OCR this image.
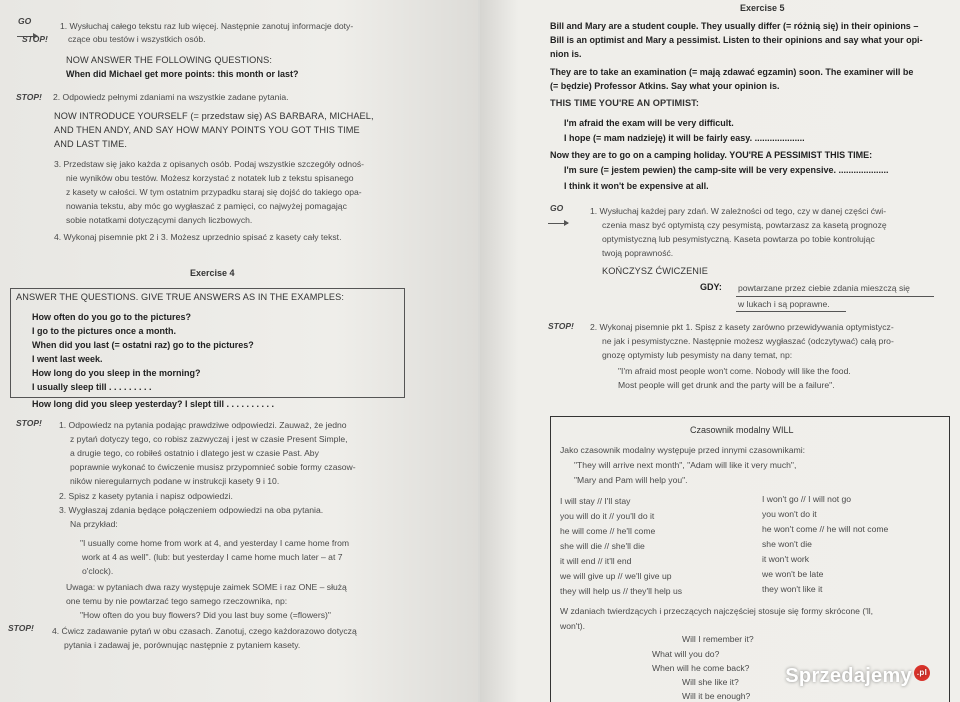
GO
STOP!
1. Wysłuchaj całego tekstu raz lub więcej. Następnie zanotuj informacje doty-
czące obu testów i wszystkich osób.
NOW ANSWER THE FOLLOWING QUESTIONS:
When did Michael get more points: this month or last?
STOP! 2. Odpowiedz pełnymi zdaniami na wszystkie zadane pytania.
NOW INTRODUCE YOURSELF (= przedstaw się) AS BARBARA, MICHAEL,
AND THEN ANDY, AND SAY HOW MANY POINTS YOU GOT THIS TIME
AND LAST TIME.
3. Przedstaw się jako każda z opisanych osób. Podaj wszystkie szczegóły odnoś-
nie wyników obu testów. Możesz korzystać z notatek lub z tekstu spisanego
z kasety w całości. W tym ostatnim przypadku staraj się dojść do takiego opa-
nowania tekstu, aby móc go wygłaszać z pamięci, co najwyżej pomagając
sobie notatkami dotyczącymi danych liczbowych.
4. Wykonaj pisemnie pkt 2 i 3. Możesz uprzednio spisać z kasety cały tekst.
Exercise 4
ANSWER THE QUESTIONS. GIVE TRUE ANSWERS AS IN THE EXAMPLES:
How often do you go to the pictures?
I go to the pictures once a month.
When did you last (= ostatni raz) go to the pictures?
I went last week.
How long do you sleep in the morning?
I usually sleep till . . . . . . . . .
How long did you sleep yesterday? I slept till . . . . . . . . . .
STOP! 1. Odpowiedz na pytania podając prawdziwe odpowiedzi. Zauważ, że jedno
z pytań dotyczy tego, co robisz zazwyczaj i jest w czasie Present Simple,
a drugie tego, co robiłeś ostatnio i dlatego jest w czasie Past. Aby
poprawnie wykonać to ćwiczenie musisz przypomnieć sobie formy czasow-
ników nieregularnych podane w instrukcji kasety 9 i 10.
2. Spisz z kasety pytania i napisz odpowiedzi.
3. Wygłaszaj zdania będące połączeniem odpowiedzi na oba pytania.
Na przykład:
"I usually come home from work at 4, and yesterday I came home from
work at 4 as well". (lub: but yesterday I came home much later – at 7
o'clock).
Uwaga: w pytaniach dwa razy występuje zaimek SOME i raz ONE – służą
one temu by nie powtarzać tego samego rzeczownika, np:
"How often do you buy flowers? Did you last buy some (=flowers)"
STOP! 4. Ćwicz zadawanie pytań w obu czasach. Zanotuj, czego każdorazowo dotyczą
pytania i zadawaj je, porównując następnie z pytaniem kasety.
Exercise 5
Bill and Mary are a student couple. They usually differ (= różnią się) in their opinions –
Bill is an optimist and Mary a pessimist. Listen to their opinions and say what your opi-
nion is.
They are to take an examination (= mają zdawać egzamin) soon. The examiner will be
(= będzie) Professor Atkins. Say what your opinion is.
THIS TIME YOU'RE AN OPTIMIST:
I'm afraid the exam will be very difficult.
I hope (= mam nadzieję) it will be fairly easy. ....................
Now they are to go on a camping holiday. YOU'RE A PESSIMIST THIS TIME:
I'm sure (= jestem pewien) the camp-site will be very expensive. ....................
I think it won't be expensive at all.
GO	1. Wysłuchaj każdej pary zdań. W zależności od tego, czy w danej części ćwi-
czenia masz być optymistą czy pesymistą, powtarzasz za kasetą prognozę
optymistyczną lub pesymistyczną. Kasetа powtarza po tobie kontrolując
twoją poprawność.
KOŃCZYSZ ĆWICZENIE
GDY: powtarzane przez ciebie zdania mieszczą się
w lukach i są poprawne.
STOP! 2. Wykonaj pisemnie pkt 1. Spisz z kasety zarówno przewidywania optymistycz-
ne jak i pesymistyczne. Następnie możesz wygłaszać (odczytywać) całą pro-
gnozę optymisty lub pesymisty na dany temat, np:
"I'm afraid most people won't come. Nobody will like the food.
Most people will get drunk and the party will be a failure".
Czasownik modalny WILL
Jako czasownik modalny występuje przed innymi czasownikami:
"They will arrive next month", "Adam will like it very much",
"Mary and Pam will help you".
I will stay // I'll stay
you will do it // you'll do it
he will come // he'll come
she will die // she'll die
it will end // it'll end
we will give up // we'll give up
they will help us // they'll help us
I won't go // I will not go
you won't do it
he won't come // he will not come
she won't die
it won't work
we won't be late
they won't like it
W zdaniach twierdzących i przeczących najczęściej stosuje się formy skrócone ('ll,
won't).
Will I remember it?
What will you do?
When will he come back?
Will she like it?
Will it be enough?
Sprzedajemy .pl
